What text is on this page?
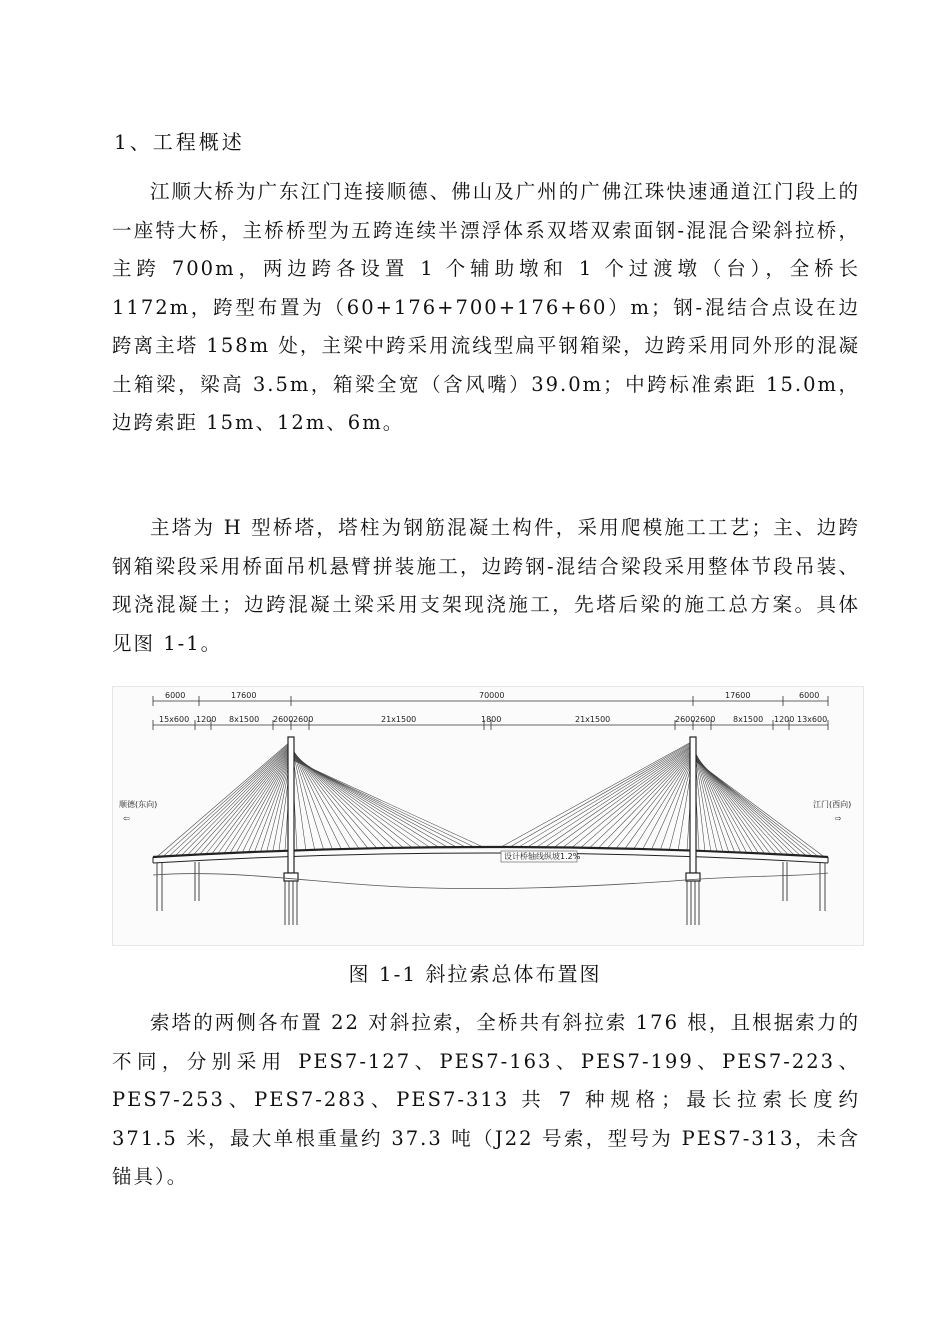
1、工程概述

江顺大桥为广东江门连接顺德、佛山及广州的广佛江珠快速通道江门段上的一座特大桥，主桥桥型为五跨连续半漂浮体系双塔双索面钢-混混合梁斜拉桥，主跨 700m，两边跨各设置 1 个辅助墩和 1 个过渡墩（台），全桥长 1172m，跨型布置为（60+176+700+176+60）m；钢-混结合点设在边跨离主塔 158m 处，主梁中跨采用流线型扁平钢箱梁，边跨采用同外形的混凝土箱梁，梁高 3.5m，箱梁全宽（含风嘴）39.0m；中跨标准索距 15.0m，边跨索距 15m、12m、6m。

主塔为 H 型桥塔，塔柱为钢筋混凝土构件，采用爬模施工工艺；主、边跨钢箱梁段采用桥面吊机悬臂拼装施工，边跨钢-混结合梁段采用整体节段吊装、现浇混凝土；边跨混凝土梁采用支架现浇施工，先塔后梁的施工总方案。具体见图 1-1。

6000	17600	70000	17600	6000
15x600 1200 8x1500 2600 2600	21x1500	1800	21x1500	2600 2600 8x1500 1200 13x600
顺德(东向)
⇦
江门(西向)
⇨
设计桥轴线纵坡1.2%
图 1-1 斜拉索总体布置图

索塔的两侧各布置 22 对斜拉索，全桥共有斜拉索 176 根，且根据索力的不同，分别采用 PES7-127、PES7-163、PES7-199、PES7-223、PES7-253、PES7-283、PES7-313 共 7 种规格；最长拉索长度约 371.5 米，最大单根重量约 37.3 吨（J22 号索，型号为 PES7-313，未含锚具）。
